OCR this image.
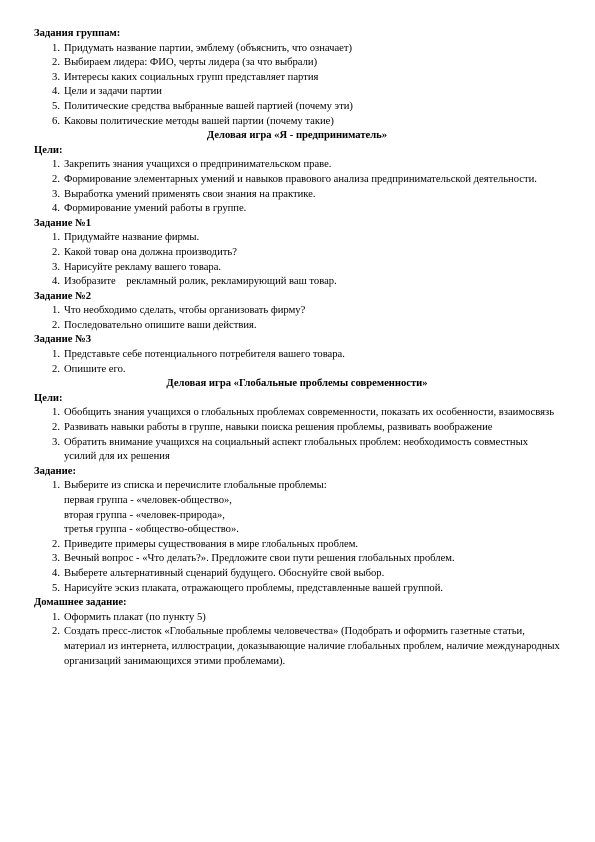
Задания группам:
1 . Придумать название партии, эмблему (объяснить, что означает)
2 . Выбираем лидера: ФИО, черты лидера (за что выбрали)
3 . Интересы каких социальных групп представляет партия
4 . Цели и задачи партии
5 . Политические средства выбранные вашей партией (почему эти)
6 . Каковы политические методы вашей партии (почему такие)
Деловая игра «Я - предприниматель»
Цели:
1 . Закрепить знания учащихся о предпринимательском праве.
2 . Формирование элементарных умений и навыков правового анализа предпринимательской деятельности.
3 . Выработка умений применять свои знания на практике.
4 . Формирование умений работы в группе.
Задание №1
1 . Придумайте название фирмы.
2 . Какой товар она должна производить?
3 . Нарисуйте рекламу вашего товара.
4 . Изобразите    рекламный ролик, рекламирующий ваш товар.
Задание №2
1 . Что необходимо сделать, чтобы организовать фирму?
2 . Последовательно опишите ваши действия.
Задание №3
1 . Представьте себе потенциального потребителя вашего товара.
2 . Опишите его.
Деловая игра «Глобальные проблемы современности»
Цели:
1 . Обобщить знания учащихся о глобальных проблемах современности, показать их особенности, взаимосвязь
2 . Развивать навыки работы в группе, навыки поиска решения проблемы, развивать воображение
3 . Обратить внимание учащихся на социальный аспект глобальных проблем: необходимость совместных усилий для их решения
Задание:
1 . Выберите из списка и перечислите глобальные проблемы:
первая группа - «человек-общество»,
вторая группа - «человек-природа»,
третья группа - «общество-общество».
2 . Приведите примеры существования в мире глобальных проблем.
3 . Вечный вопрос - «Что делать?». Предложите свои пути решения глобальных проблем.
4 . Выберете альтернативный сценарий будущего. Обоснуйте свой выбор.
5 . Нарисуйте эскиз плаката, отражающего проблемы, представленные вашей группой.
Домашнее задание:
1 . Оформить плакат (по пункту 5)
2 . Создать пресс-листок «Глобальные проблемы человечества» (Подобрать и оформить газетные статьи, материал из интернета, иллюстрации, доказывающие наличие глобальных проблем, наличие международных организаций занимающихся этими проблемами).
